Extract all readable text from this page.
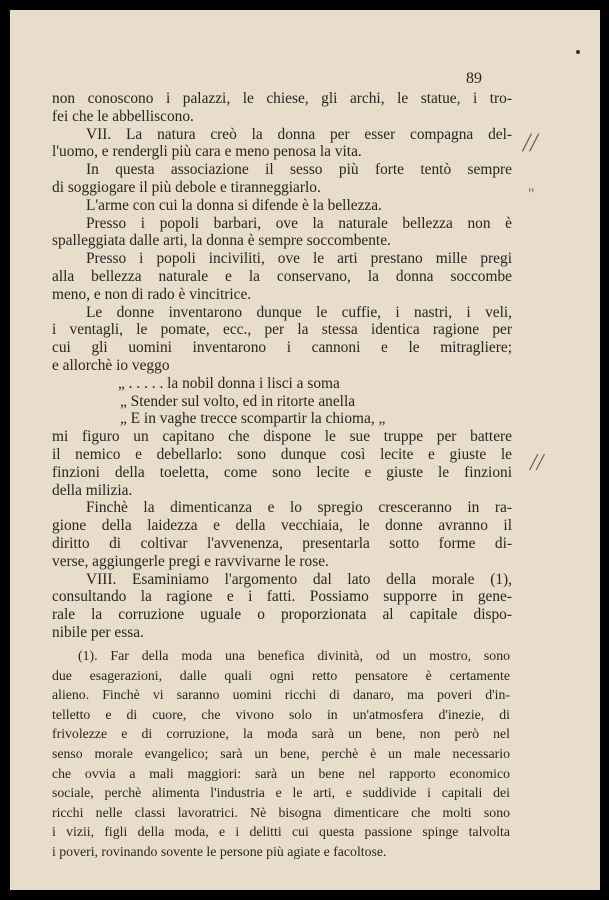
89
non conoscono i palazzi, le chiese, gli archi, le statue, i tro-
fei che le abbelliscono.
VII. La natura creò la donna per esser compagna del-
l'uomo, e rendergli più cara e meno penosa la vita.
In questa associazione il sesso più forte tentò sempre
di soggiogare il più debole e tiranneggiarlo.
L'arme con cui la donna si difende è la bellezza.
Presso i popoli barbari, ove la naturale bellezza non è
spalleggiata dalle arti, la donna è sempre soccombente.
Presso i popoli inciviliti, ove le arti prestano mille pregi
alla bellezza naturale e la conservano, la donna soccombe
meno, e non di rado è vincitrice.
Le donne inventarono dunque le cuffie, i nastri, i veli,
i ventagli, le pomate, ecc., per la stessa identica ragione per
cui gli uomini inventarono i cannoni e le mitragliere;
e allorchè io veggo
„ . . . . . la nobil donna i lisci a soma
„ Stender sul volto, ed in ritorte anella
„ E in vaghe trecce scompartir la chioma, „
mi figuro un capitano che dispone le sue truppe per battere
il nemico e debellarlo: sono dunque così lecite e giuste le
finzioni della toeletta, come sono lecite e giuste le finzioni
della milizia.
Finchè la dimenticanza e lo spregio cresceranno in ra-
gione della laidezza e della vecchiaia, le donne avranno il
diritto di coltivar l'avvenenza, presentarla sotto forme di-
verse, aggiungerle pregi e ravvivarne le rose.
VIII. Esaminiamo l'argomento dal lato della morale (1),
consultando la ragione e i fatti. Possiamo supporre in gene-
rale la corruzione uguale o proporzionata al capitale dispo-
nibile per essa.
(1). Far della moda una benefica divinità, od un mostro, sono
due esagerazioni, dalle quali ogni retto pensatore è certamente
alieno. Finchè vi saranno uomini ricchi di danaro, ma poveri d'in-
telletto e di cuore, che vivono solo in un'atmosfera d'inezie, di
frivolezze e di corruzione, la moda sarà un bene, non però nel
senso morale evangelico; sarà un bene, perchè è un male necessario
che ovvia a mali maggiori: sarà un bene nel rapporto economico
sociale, perchè alimenta l'industria e le arti, e suddivide i capitali dei
ricchi nelle classi lavoratrici. Nè bisogna dimenticare che molti sono
i vizii, figli della moda, e i delitti cui questa passione spinge talvolta
i poveri, rovinando sovente le persone più agiate e facoltose.
//
"
//
